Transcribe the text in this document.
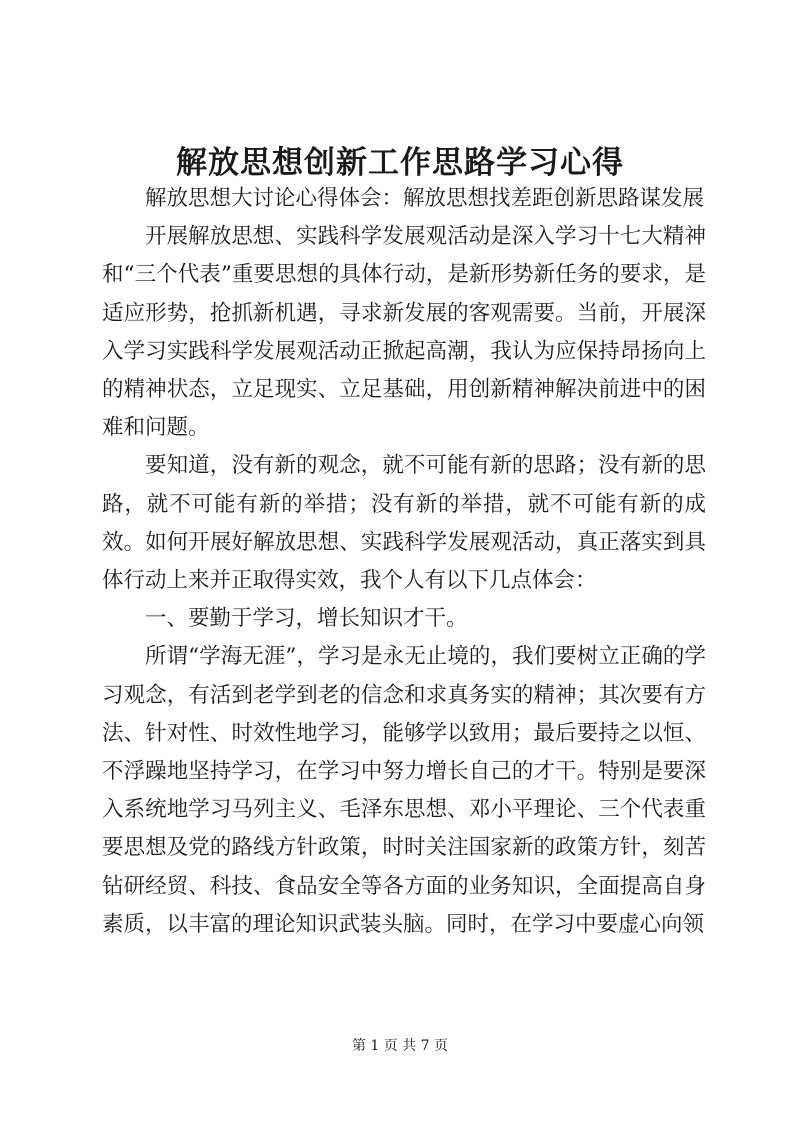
解放思想创新工作思路学习心得

解放思想大讨论心得体会：解放思想找差距创新思路谋发展

开展解放思想、实践科学发展观活动是深入学习十七大精神和“三个代表”重要思想的具体行动，是新形势新任务的要求，是适应形势，抢抓新机遇，寻求新发展的客观需要。当前，开展深入学习实践科学发展观活动正掀起高潮，我认为应保持昂扬向上的精神状态，立足现实、立足基础，用创新精神解决前进中的困难和问题。

要知道，没有新的观念，就不可能有新的思路；没有新的思路，就不可能有新的举措；没有新的举措，就不可能有新的成效。如何开展好解放思想、实践科学发展观活动，真正落实到具体行动上来并正取得实效，我个人有以下几点体会：

一、要勤于学习，增长知识才干。

所谓“学海无涯”，学习是永无止境的，我们要树立正确的学习观念，有活到老学到老的信念和求真务实的精神；其次要有方法、针对性、时效性地学习，能够学以致用；最后要持之以恒、不浮躁地坚持学习，在学习中努力增长自己的才干。特别是要深入系统地学习马列主义、毛泽东思想、邓小平理论、三个代表重要思想及党的路线方针政策，时时关注国家新的政策方针，刻苦钻研经贸、科技、食品安全等各方面的业务知识，全面提高自身素质，以丰富的理论知识武装头脑。同时，在学习中要虚心向领

第 1 页 共 7 页
